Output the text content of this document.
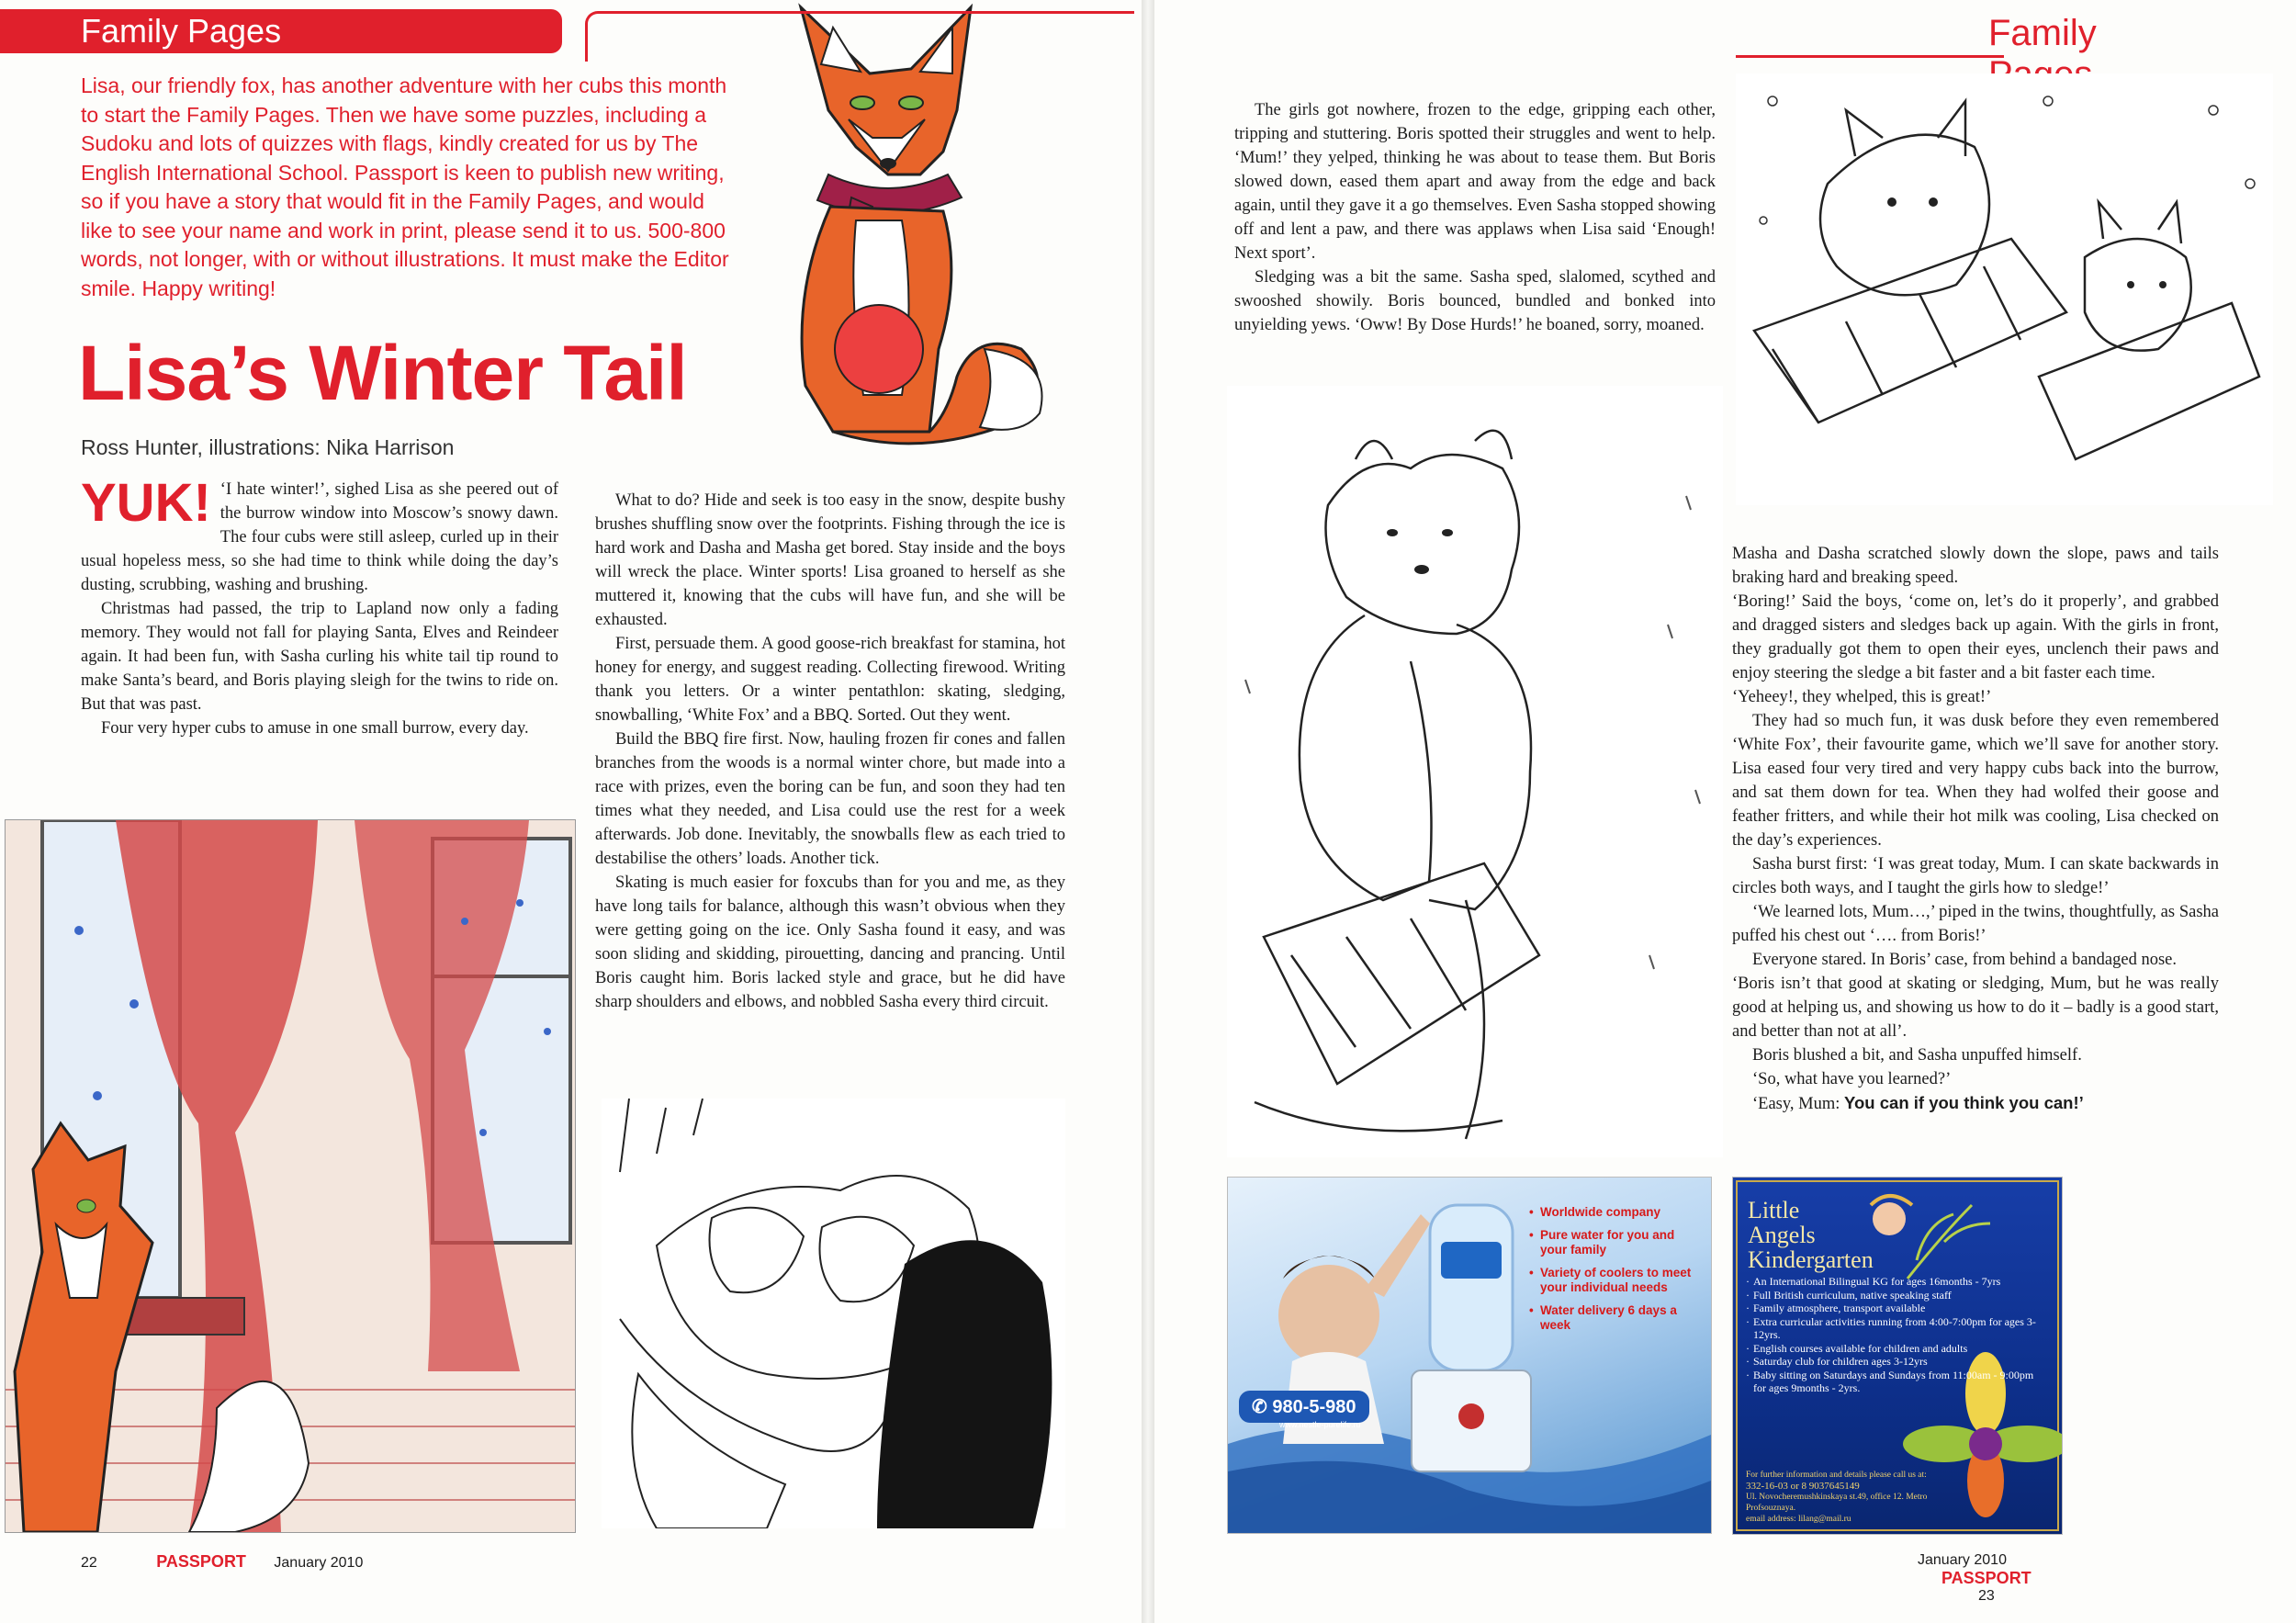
Family Pages

Lisa, our friendly fox, has another adventure with her cubs this month to start the Family Pages. Then we have some puzzles, including a Sudoku and lots of quizzes with flags, kindly created for us by The English International School. Passport is keen to publish new writing, so if you have a story that would fit in the Family Pages, and would like to see your name and work in print, please send it to us. 500-800 words, not longer, with or without illustrations. It must make the Editor smile. Happy writing!

Lisa’s Winter Tail

Ross Hunter, illustrations: Nika Harrison

YUK! ‘I hate winter!’, sighed Lisa as she peered out of the burrow window into Moscow’s snowy dawn. The four cubs were still asleep, curled up in their usual hopeless mess, so she had time to think while doing the day’s dusting, scrubbing, washing and brushing.

Christmas had passed, the trip to Lapland now only a fading memory. They would not fall for playing Santa, Elves and Reindeer again. It had been fun, with Sasha curling his white tail tip round to make Santa’s beard, and Boris playing sleigh for the twins to ride on. But that was past.

Four very hyper cubs to amuse in one small burrow, every day.

What to do? Hide and seek is too easy in the snow, despite bushy brushes shuffling snow over the footprints. Fishing through the ice is hard work and Dasha and Masha get bored. Stay inside and the boys will wreck the place. Winter sports! Lisa groaned to herself as she muttered it, knowing that the cubs will have fun, and she will be exhausted.

First, persuade them. A good goose-rich breakfast for stamina, hot honey for energy, and suggest reading. Collecting firewood. Writing thank you letters. Or a winter pentathlon: skating, sledging, snowballing, ‘White Fox’ and a BBQ. Sorted. Out they went.

Build the BBQ fire first. Now, hauling frozen fir cones and fallen branches from the woods is a normal winter chore, but made into a race with prizes, even the boring can be fun, and soon they had ten times what they needed, and Lisa could use the rest for a week afterwards. Job done. Inevitably, the snowballs flew as each tried to destabilise the others’ loads. Another tick.

Skating is much easier for foxcubs than for you and me, as they have long tails for balance, although this wasn’t obvious when they were getting going on the ice. Only Sasha found it easy, and was soon sliding and skidding, pirouetting, dancing and prancing. Until Boris caught him. Boris lacked style and grace, but he did have sharp shoulders and elbows, and nobbled Sasha every third circuit.

22	PASSPORT January 2010
Family

The girls got nowhere, frozen to the edge, gripping each other, tripping and stuttering. Boris spotted their struggles and went to help. ‘Mum!’ they yelped, thinking he was about to tease them. But Boris slowed down, eased them apart and away from the edge and back again, until they gave it a go themselves. Even Sasha stopped showing off and lent a paw, and there was applaws when Lisa said ‘Enough! Next sport’.

Sledging was a bit the same. Sasha sped, slalomed, scythed and swooshed showily. Boris bounced, bundled and bonked into unyielding yews. ‘Oww! By Dose Hurds!’ he boaned, sorry, moaned.

Masha and Dasha scratched slowly down the slope, paws and tails braking hard and breaking speed.

‘Boring!’ Said the boys, ‘come on, let’s do it properly’, and grabbed and dragged sisters and sledges back up again. With the girls in front, they gradually got them to open their eyes, unclench their paws and enjoy steering the sledge a bit faster and a bit faster each time.

‘Yeheey!, they whelped, this is great!’

They had so much fun, it was dusk before they even remembered ‘White Fox’, their favourite game, which we’ll save for another story. Lisa eased four very tired and very happy cubs back into the burrow, and sat them down for tea. When they had wolfed their goose and feather fritters, and while their hot milk was cooling, Lisa checked on the day’s experiences.

Sasha burst first: ‘I was great today, Mum. I can skate backwards in circles both ways, and I taught the girls how to sledge!’

‘We learned lots, Mum…,’ piped in the twins, thoughtfully, as Sasha puffed his chest out ‘…. from Boris!’

Everyone stared. In Boris’ case, from behind a bandaged nose.

‘Boris isn’t that good at skating or sledging, Mum, but he was really good at helping us, and showing us how to do it – badly is a good start, and better than not at all’.

Boris blushed a bit, and Sasha unpuffed himself.

‘So, what have you learned?’

‘Easy, Mum: You can if you think you can!’

• Worldwide company
• Pure water for you and your family
• Variety of coolers to meet your individual needs
• Water delivery 6 days a week
✆ 980-5-980
www.nestle-purelife.ru

Little
Angels
Kindergarten

· An International Bilingual KG for ages 16months - 7yrs
· Full British curriculum, native speaking staff
· Family atmosphere, transport available
· Extra curricular activities running from 4:00-7:00pm for ages 3-12yrs.
· English courses available for children and adults
· Saturday club for children ages 3-12yrs
· Baby sitting on Saturdays and Sundays from 11:00am - 9:00pm for ages 9months - 2yrs.
For further information and details please call us at:
332-16-03 or 8 9037645149
Ul. Novocheremushkinskaya st.49, office 12. Metro Profsouznaya.
email address: lilang@mail.ru
January 2010 PASSPORT 23
